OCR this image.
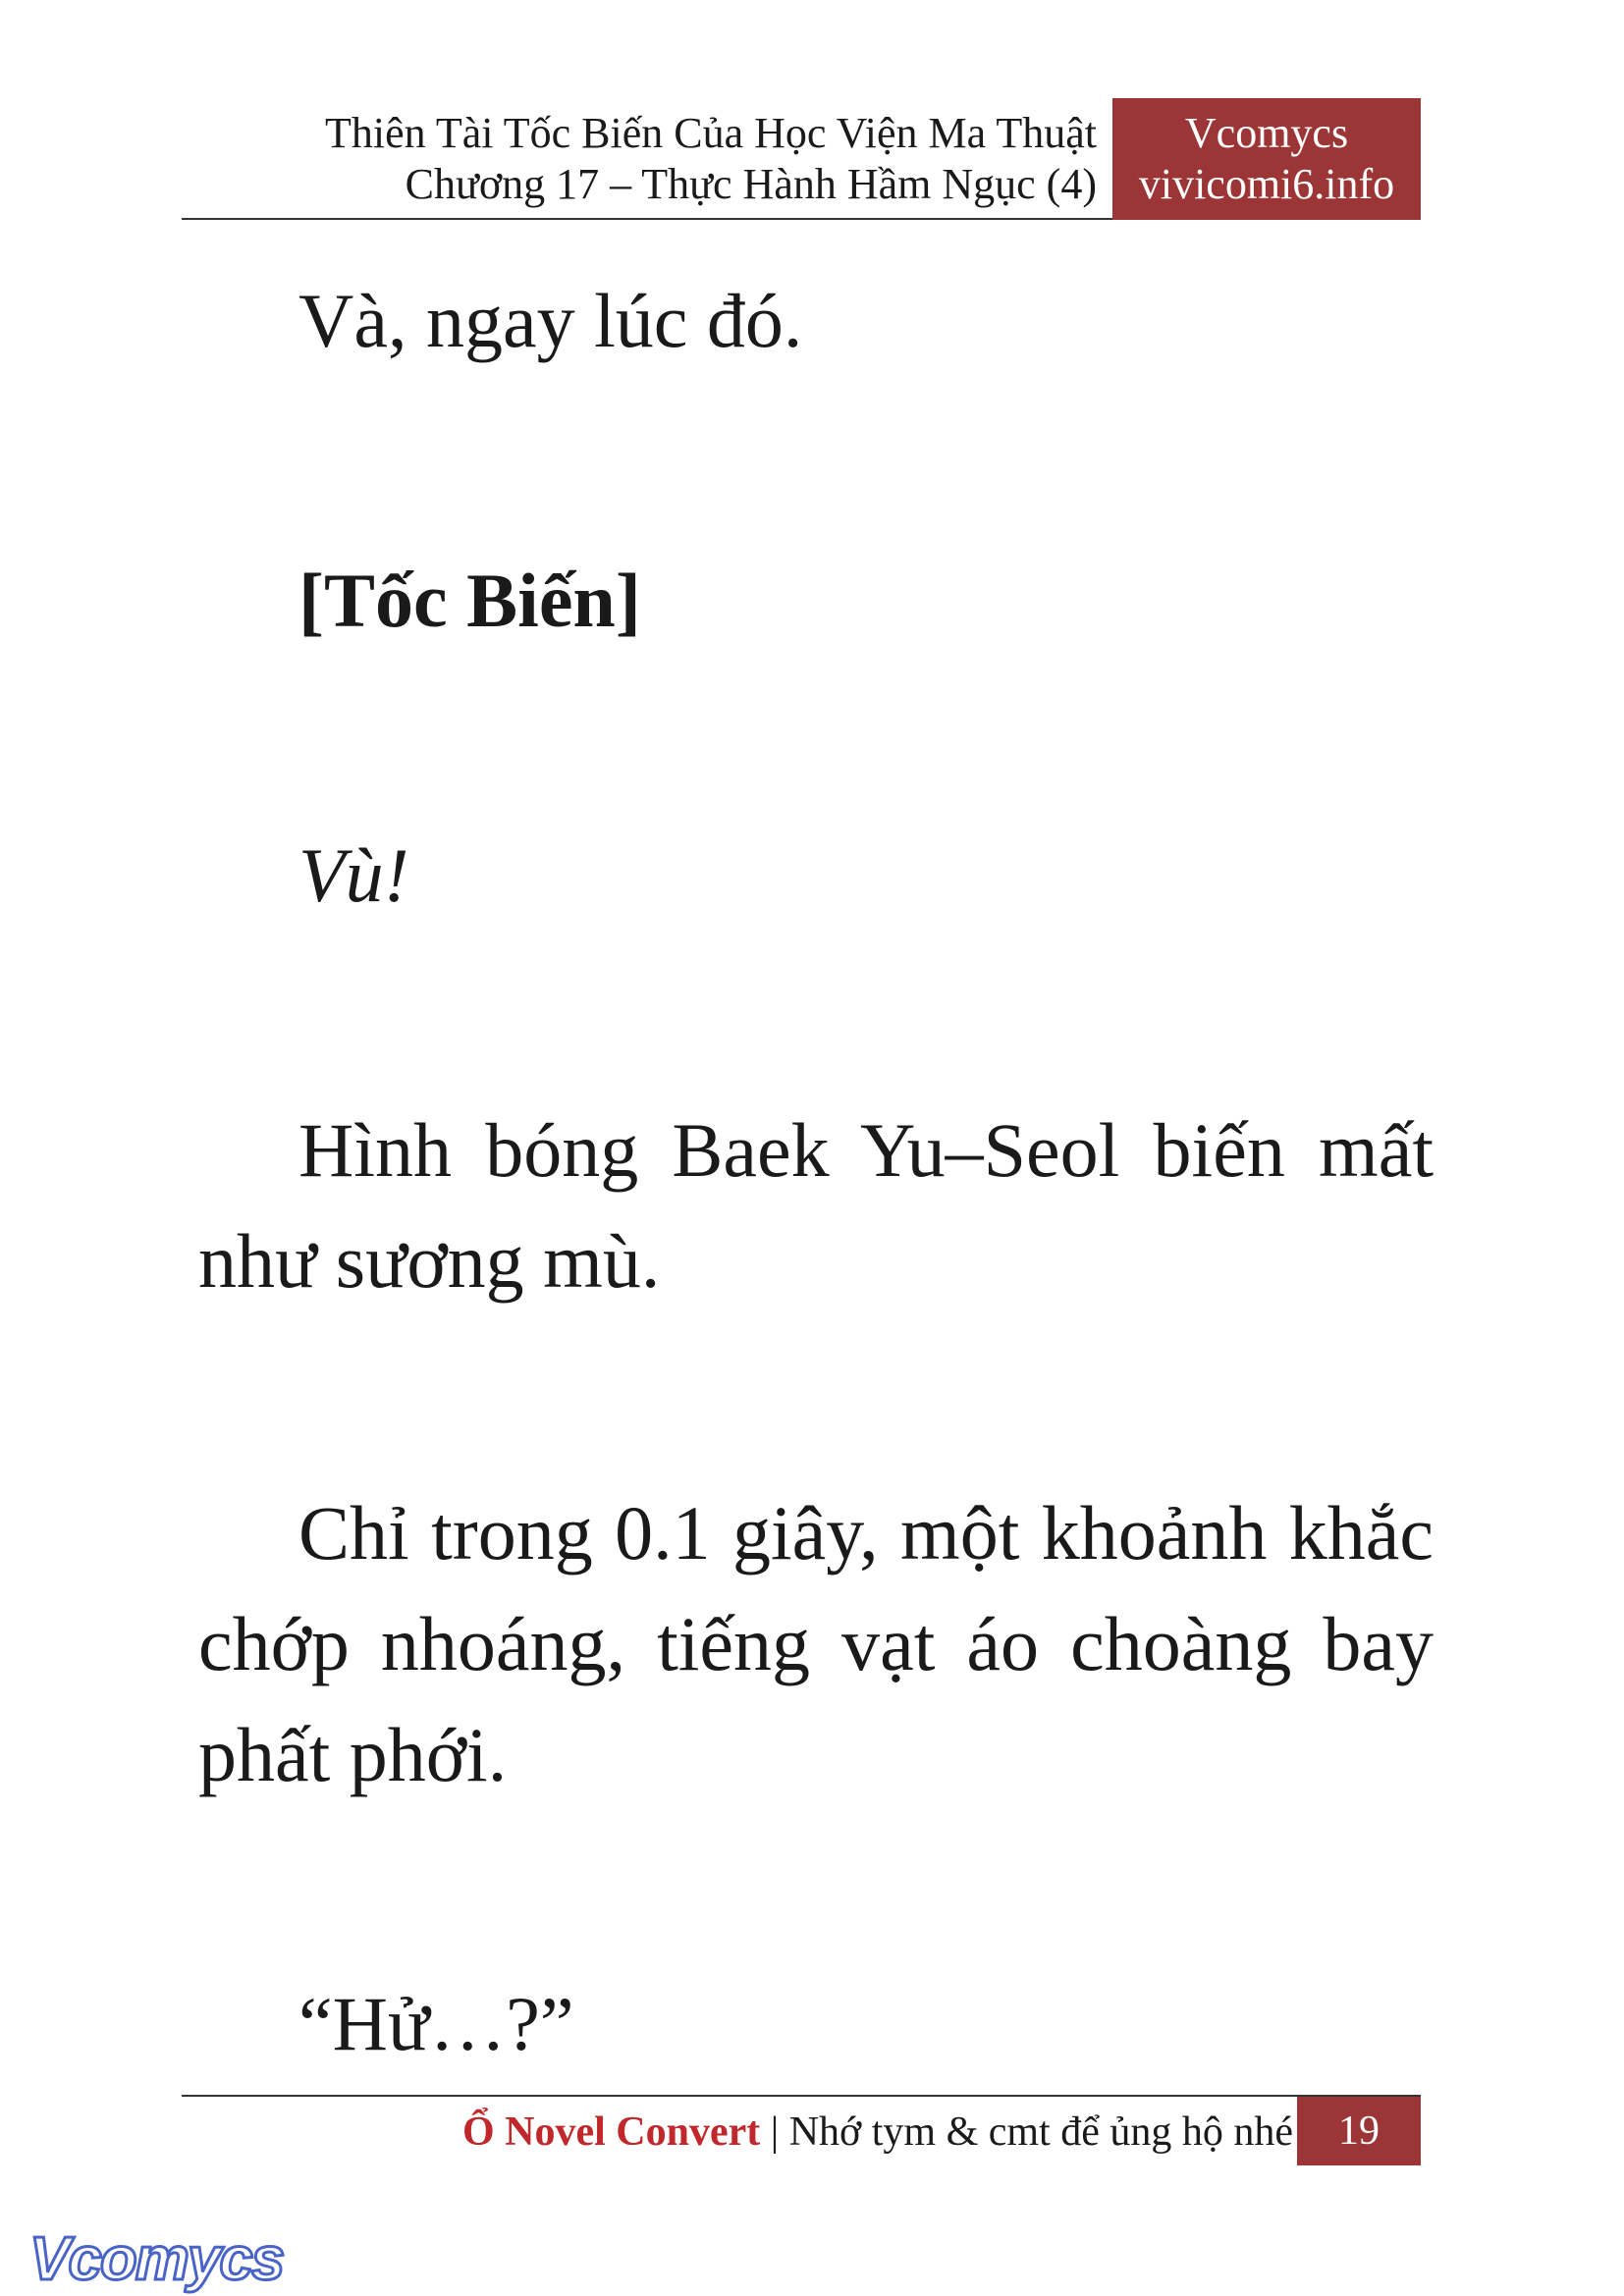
Thiên Tài Tốc Biến Của Học Viện Ma Thuật
Chương 17 – Thực Hành Hầm Ngục (4)
Vcomycs
vivicomi6.info

Và, ngay lúc đó.

[Tốc Biến]

Vù!

Hình bóng Baek Yu–Seol biến mất như sương mù.

Chỉ trong 0.1 giây, một khoảnh khắc chớp nhoáng, tiếng vạt áo choàng bay phất phới.

“Hử…?”

Ổ Novel Convert | Nhớ tym & cmt để ủng hộ nhé	19
Vcomycs
